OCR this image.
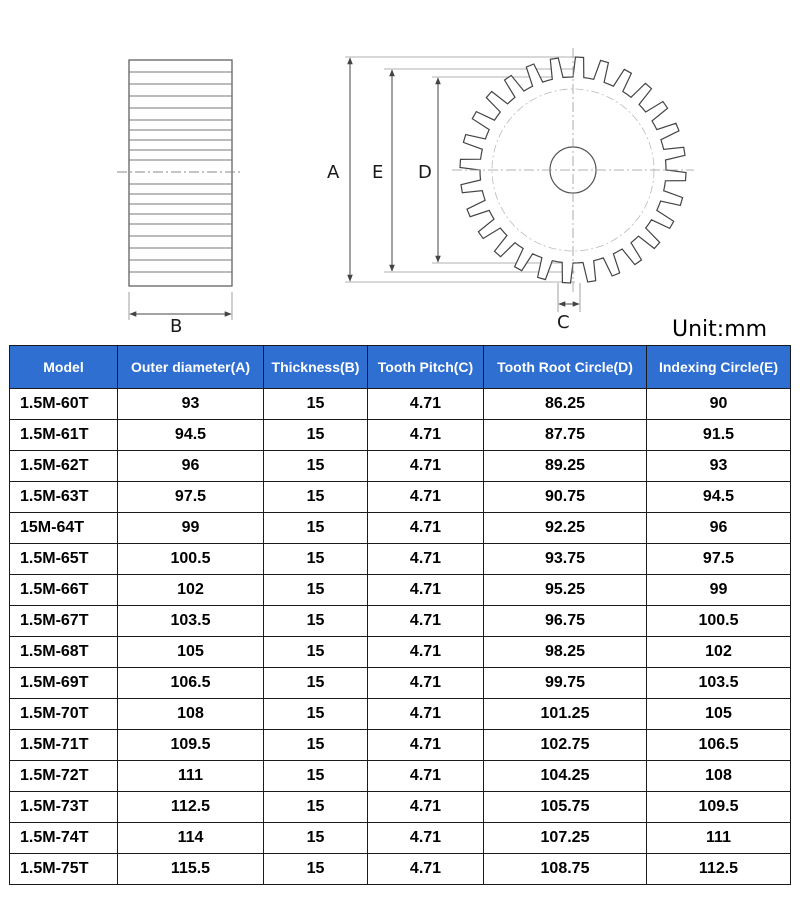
B
A E D
C	Unit:mm
Model	Outer diameter(A)	Thickness(B)	Tooth Pitch(C)	Tooth Root Circle(D)	Indexing Circle(E)
1.5M-60T	93	15	4.71	86.25	90
1.5M-61T	94.5	15	4.71	87.75	91.5
1.5M-62T	96	15	4.71	89.25	93
1.5M-63T	97.5	15	4.71	90.75	94.5
15M-64T	99	15	4.71	92.25	96
1.5M-65T	100.5	15	4.71	93.75	97.5
1.5M-66T	102	15	4.71	95.25	99
1.5M-67T	103.5	15	4.71	96.75	100.5
1.5M-68T	105	15	4.71	98.25	102
1.5M-69T	106.5	15	4.71	99.75	103.5
1.5M-70T	108	15	4.71	101.25	105
1.5M-71T	109.5	15	4.71	102.75	106.5
1.5M-72T	111	15	4.71	104.25	108
1.5M-73T	112.5	15	4.71	105.75	109.5
1.5M-74T	114	15	4.71	107.25	111
1.5M-75T	115.5	15	4.71	108.75	112.5
